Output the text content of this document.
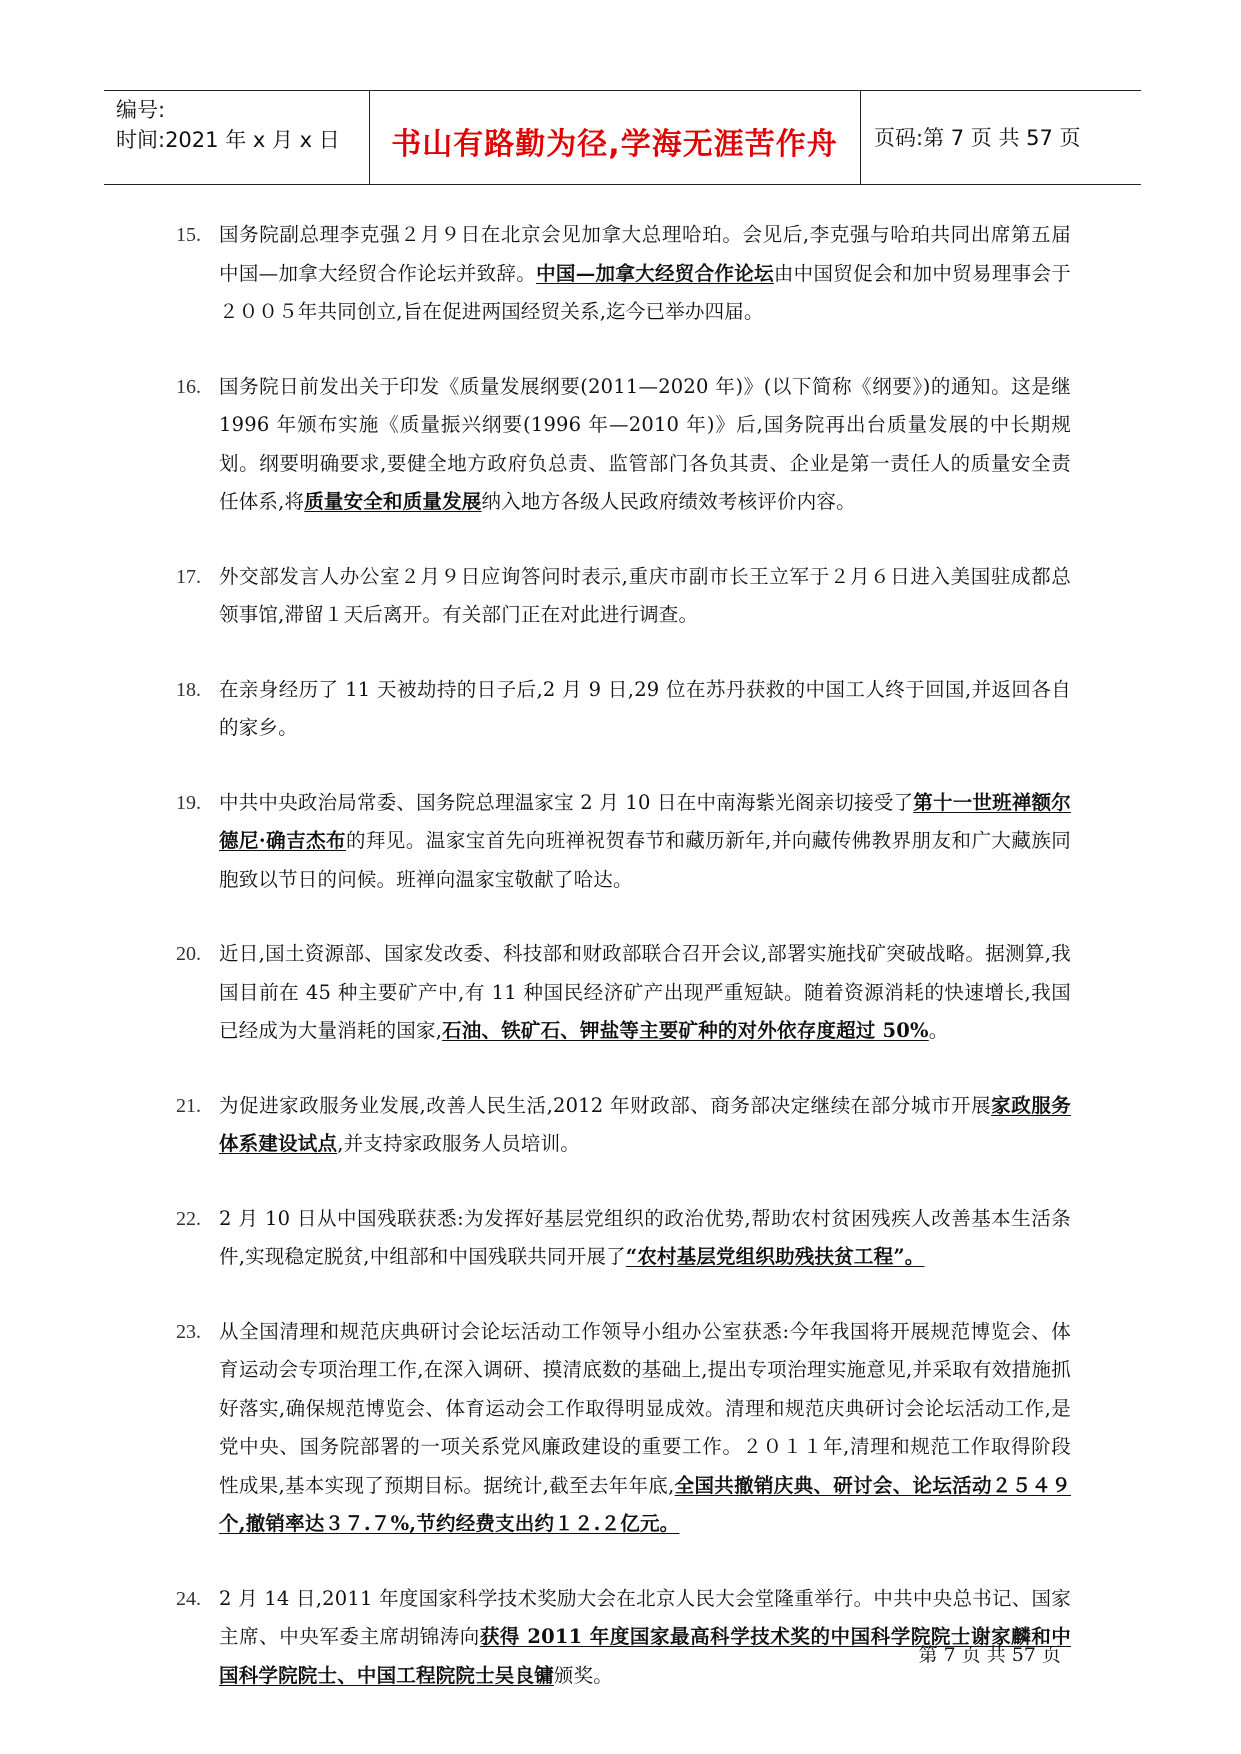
编号:
时间:2021 年 x 月 x 日	书山有路勤为径,学海无涯苦作舟	页码:第 7 页 共 57 页
15. 国务院副总理李克强２月９日在北京会见加拿大总理哈珀。会见后,李克强与哈珀共同出席第五届中国—加拿大经贸合作论坛并致辞。中国—加拿大经贸合作论坛由中国贸促会和加中贸易理事会于２００５年共同创立,旨在促进两国经贸关系,迄今已举办四届。
16. 国务院日前发出关于印发《质量发展纲要(2011—2020 年)》(以下简称《纲要》)的通知。这是继 1996 年颁布实施《质量振兴纲要(1996 年—2010 年)》后,国务院再出台质量发展的中长期规划。纲要明确要求,要健全地方政府负总责、监管部门各负其责、企业是第一责任人的质量安全责任体系,将质量安全和质量发展纳入地方各级人民政府绩效考核评价内容。
17. 外交部发言人办公室２月９日应询答问时表示,重庆市副市长王立军于２月６日进入美国驻成都总领事馆,滞留１天后离开。有关部门正在对此进行调查。
18. 在亲身经历了 11 天被劫持的日子后,2 月 9 日,29 位在苏丹获救的中国工人终于回国,并返回各自的家乡。
19. 中共中央政治局常委、国务院总理温家宝 2 月 10 日在中南海紫光阁亲切接受了第十一世班禅额尔德尼·确吉杰布的拜见。温家宝首先向班禅祝贺春节和藏历新年,并向藏传佛教界朋友和广大藏族同胞致以节日的问候。班禅向温家宝敬献了哈达。
20. 近日,国土资源部、国家发改委、科技部和财政部联合召开会议,部署实施找矿突破战略。据测算,我国目前在 45 种主要矿产中,有 11 种国民经济矿产出现严重短缺。随着资源消耗的快速增长,我国已经成为大量消耗的国家,石油、铁矿石、钾盐等主要矿种的对外依存度超过 50%。
21. 为促进家政服务业发展,改善人民生活,2012 年财政部、商务部决定继续在部分城市开展家政服务体系建设试点,并支持家政服务人员培训。
22. 2 月 10 日从中国残联获悉:为发挥好基层党组织的政治优势,帮助农村贫困残疾人改善基本生活条件,实现稳定脱贫,中组部和中国残联共同开展了“农村基层党组织助残扶贫工程”。
23. 从全国清理和规范庆典研讨会论坛活动工作领导小组办公室获悉:今年我国将开展规范博览会、体育运动会专项治理工作,在深入调研、摸清底数的基础上,提出专项治理实施意见,并采取有效措施抓好落实,确保规范博览会、体育运动会工作取得明显成效。清理和规范庆典研讨会论坛活动工作,是党中央、国务院部署的一项关系党风廉政建设的重要工作。２０１１年,清理和规范工作取得阶段性成果,基本实现了预期目标。据统计,截至去年年底,全国共撤销庆典、研讨会、论坛活动２５４９个,撤销率达３７.７%,节约经费支出约１２.２亿元。
24. 2 月 14 日,2011 年度国家科学技术奖励大会在北京人民大会堂隆重举行。中共中央总书记、国家主席、中央军委主席胡锦涛向获得 2011 年度国家最高科学技术奖的中国科学院院士谢家麟和中国科学院院士、中国工程院院士吴良镛颁奖。
第 7 页 共 57 页
